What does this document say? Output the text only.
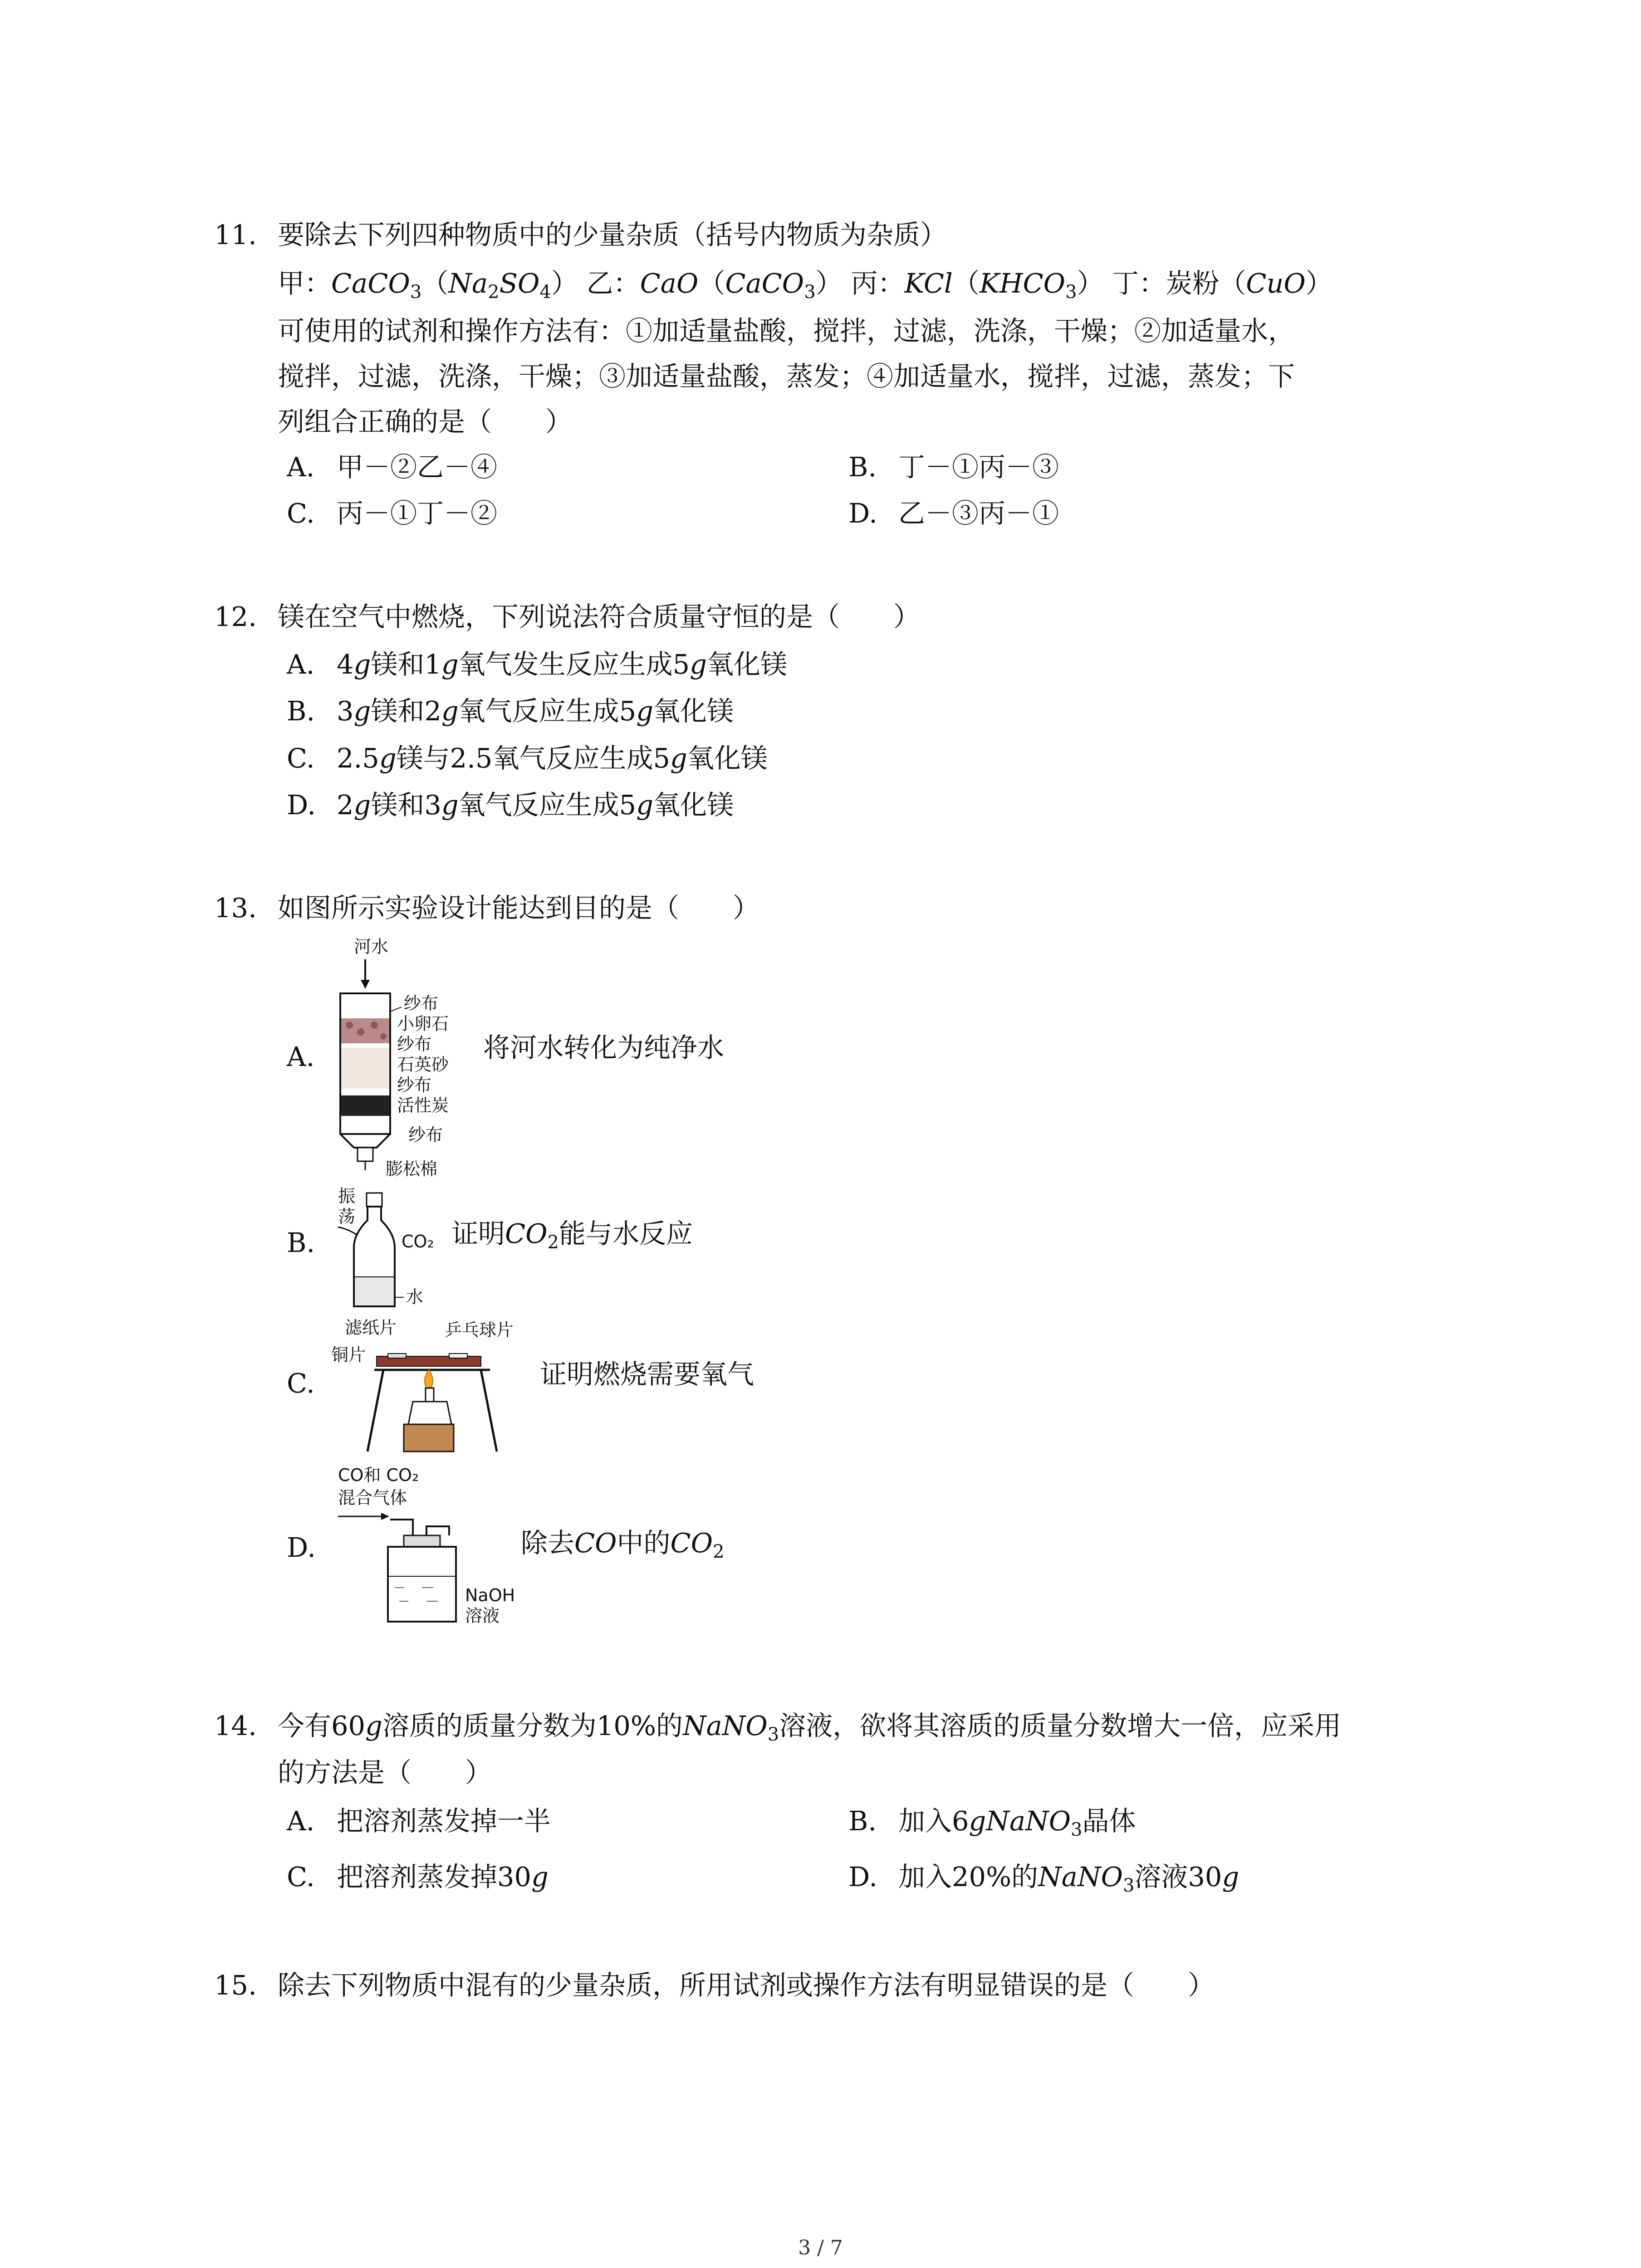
11. 要除去下列四种物质中的少量杂质（括号内物质为杂质）
甲：$CaCO_3(Na_2SO_4)$ 乙：CaO（CaCO$_3$） 丙：$KCl(KHCO_3)$ 丁：炭粉（CuO）
可使用的试剂和操作方法有：①加适量盐酸，搅拌，过滤，洗涤，干燥；②加适量水，
搅拌，过滤，洗涤，干燥；③加适量盐酸，蒸发；④加适量水，搅拌，过滤，蒸发；下
列组合正确的是（　　）
A. 甲－②乙－④	B. 丁－①丙－③
C. 丙－①丁－②	D. 乙－③丙－①
12. 镁在空气中燃烧，下列说法符合质量守恒的是（　　）
A. 4g镁和1g氧气发生反应生成5g氧化镁
B. 3g镁和2g氧气反应生成5g氧化镁
C. 2.5g镁与2.5氧气反应生成5g氧化镁
D. 2g镁和3g氧气反应生成5g氧化镁
13. 如图所示实验设计能达到目的是（　　）
A.
河水
纱布
小卵石
纱布
石英砂
纱布
活性炭
纱布
膨松棉
将河水转化为纯净水
B.
振
荡
CO₂
水
证明$CO_2$能与水反应
C.
滤纸片	乒乓球片
铜片
证明燃烧需要氧气
D.
CO和 CO₂
混合气体
NaOH
溶液
除去CO中的$CO_2$
14. 今有60g溶质的质量分数为10%的NaNO$_3$溶液，欲将其溶质的质量分数增大一倍，应采用
的方法是（　　）
A. 把溶剂蒸发掉一半	B. 加入6gNaNO$_3$晶体
C. 把溶剂蒸发掉30g	D. 加入20%的NaNO$_3$溶液30g
15. 除去下列物质中混有的少量杂质，所用试剂或操作方法有明显错误的是（　　）
3 / 7
